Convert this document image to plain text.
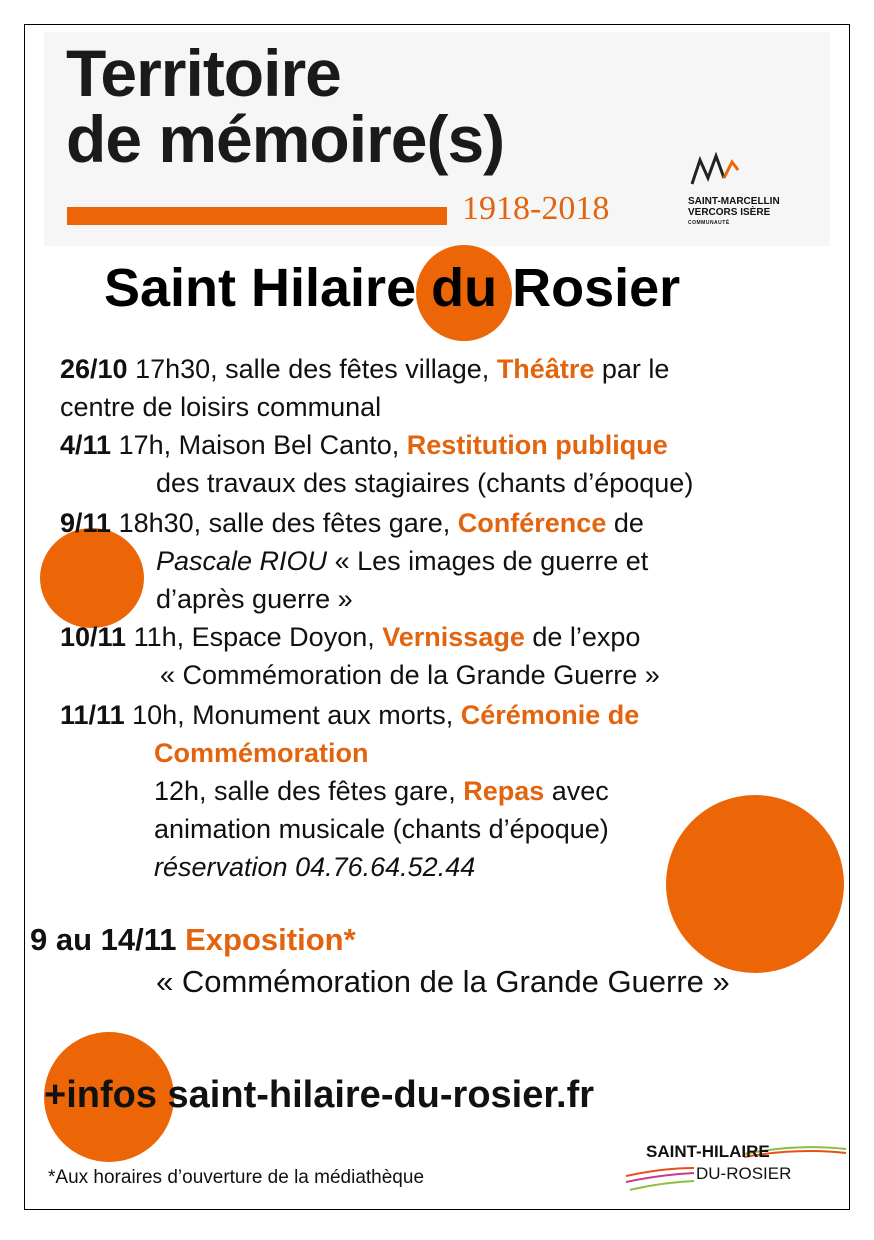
Territoire
de mémoire(s)
1918-2018	SAINT-MARCELLIN
VERCORS ISÈRE
COMMUNAUTÉ
Saint Hilaire du Rosier
26/10 17h30, salle des fêtes village, Théâtre par le
centre de loisirs communal
4/11 17h, Maison Bel Canto, Restitution publique
des travaux des stagiaires (chants d’époque)
9/11 18h30, salle des fêtes gare, Conférence de
Pascale RIOU « Les images de guerre et
d’après guerre »
10/11 11h, Espace Doyon, Vernissage de l’expo
« Commémoration de la Grande Guerre »
11/11 10h, Monument aux morts, Cérémonie de
Commémoration
12h, salle des fêtes gare, Repas avec
animation musicale (chants d’époque)
réservation 04.76.64.52.44
9 au 14/11 Exposition*
« Commémoration de la Grande Guerre »
+infos saint-hilaire-du-rosier.fr
*Aux horaires d’ouverture de la médiathèque
SAINT-HILAIRE
DU-ROSIER
